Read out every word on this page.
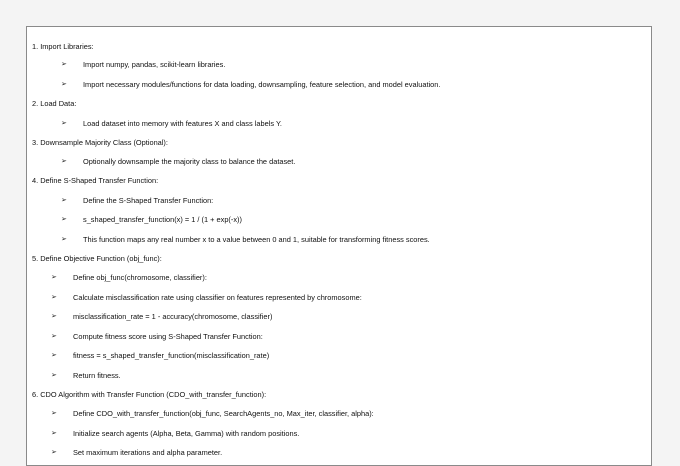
1. Import Libraries:
➢	Import numpy, pandas, scikit-learn libraries.
➢	Import necessary modules/functions for data loading, downsampling, feature selection, and model evaluation.
2. Load Data:
➢	Load dataset into memory with features X and class labels Y.
3. Downsample Majority Class (Optional):
➢	Optionally downsample the majority class to balance the dataset.
4. Define S-Shaped Transfer Function:
➢	Define the S-Shaped Transfer Function:
➢	s_shaped_transfer_function(x) = 1 / (1 + exp(-x))
➢	This function maps any real number x to a value between 0 and 1, suitable for transforming fitness scores.
5. Define Objective Function (obj_func):
➢	Define obj_func(chromosome, classifier):
➢	Calculate misclassification rate using classifier on features represented by chromosome:
➢	misclassification_rate = 1 - accuracy(chromosome, classifier)
➢	Compute fitness score using S-Shaped Transfer Function:
➢	fitness = s_shaped_transfer_function(misclassification_rate)
➢	Return fitness.
6. CDO Algorithm with Transfer Function (CDO_with_transfer_function):
➢	Define CDO_with_transfer_function(obj_func, SearchAgents_no, Max_iter, classifier, alpha):
➢	Initialize search agents (Alpha, Beta, Gamma) with random positions.
➢	Set maximum iterations and alpha parameter.
